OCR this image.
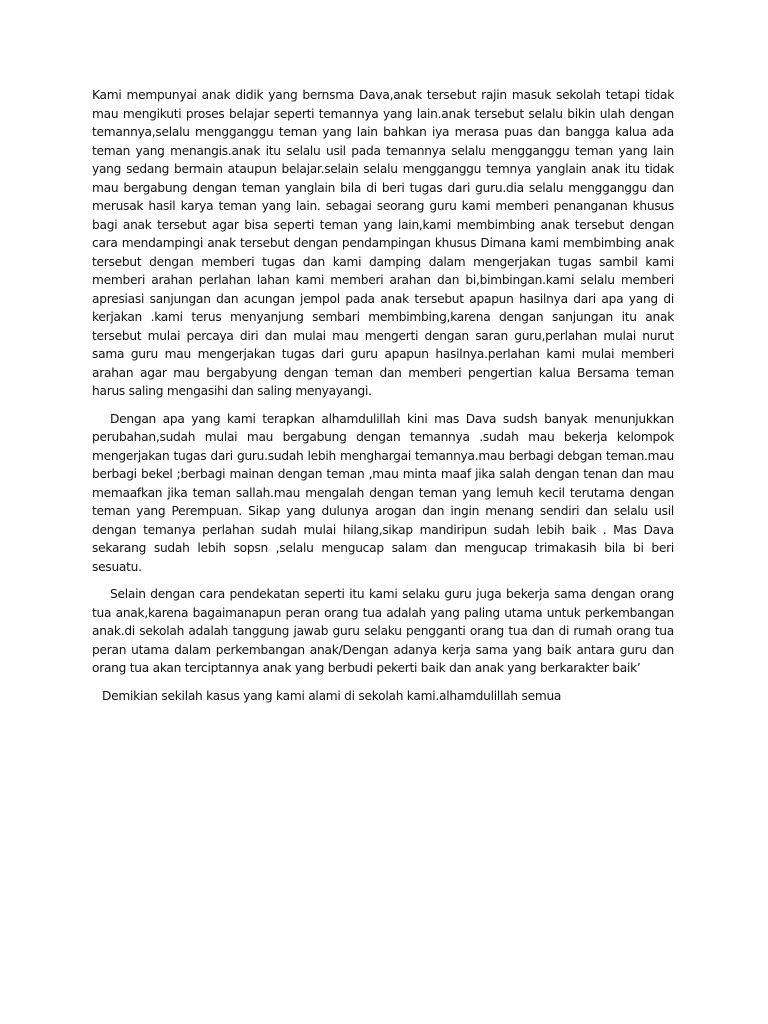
Kami mempunyai anak didik yang bernsma Dava,anak tersebut rajin masuk sekolah tetapi tidak mau mengikuti proses belajar seperti temannya yang lain.anak tersebut selalu bikin ulah dengan temannya,selalu mengganggu teman yang lain bahkan iya merasa puas dan bangga kalua ada teman yang menangis.anak itu selalu usil pada temannya selalu mengganggu teman yang lain yang sedang bermain ataupun belajar.selain selalu mengganggu temnya yanglain anak itu tidak mau bergabung dengan teman yanglain bila di beri tugas dari guru.dia selalu mengganggu dan merusak hasil karya teman yang lain. sebagai seorang guru kami memberi penanganan khusus bagi anak tersebut agar bisa seperti teman yang lain,kami membimbing anak tersebut dengan cara mendampingi anak tersebut dengan pendampingan khusus Dimana kami membimbing anak tersebut dengan memberi tugas dan kami damping dalam mengerjakan tugas sambil kami memberi arahan perlahan lahan kami memberi arahan dan bi,bimbingan.kami selalu memberi apresiasi sanjungan dan acungan jempol pada anak tersebut apapun hasilnya dari apa yang di kerjakan .kami terus menyanjung sembari membimbing,karena dengan sanjungan itu anak tersebut mulai percaya diri dan mulai mau mengerti dengan saran guru,perlahan mulai nurut sama guru mau mengerjakan tugas dari guru apapun hasilnya.perlahan kami mulai memberi arahan agar mau bergabyung dengan teman dan memberi pengertian kalua Bersama teman harus saling mengasihi dan saling menyayangi.

Dengan apa yang kami terapkan alhamdulillah kini mas Dava sudsh banyak menunjukkan perubahan,sudah mulai mau bergabung dengan temannya .sudah mau bekerja kelompok mengerjakan tugas dari guru.sudah lebih menghargai temannya.mau berbagi debgan teman.mau berbagi bekel ;berbagi mainan dengan teman ,mau minta maaf jika salah dengan tenan dan mau memaafkan jika teman sallah.mau mengalah dengan teman yang lemuh kecil terutama dengan teman yang Perempuan. Sikap yang dulunya arogan dan ingin menang sendiri dan selalu usil dengan temanya perlahan sudah mulai hilang,sikap mandiripun sudah lebih baik . Mas Dava sekarang sudah lebih sopsn ,selalu mengucap salam dan mengucap trimakasih bila bi beri sesuatu.

Selain dengan cara pendekatan seperti itu kami selaku guru juga bekerja sama dengan orang tua anak,karena bagaimanapun peran orang tua adalah yang paling utama untuk perkembangan anak.di sekolah adalah tanggung jawab guru selaku pengganti orang tua dan di rumah orang tua peran utama dalam perkembangan anak/Dengan adanya kerja sama yang baik antara guru dan orang tua akan terciptannya anak yang berbudi pekerti baik dan anak yang berkarakter baik’

Demikian sekilah kasus yang kami alami di sekolah kami.alhamdulillah semua
